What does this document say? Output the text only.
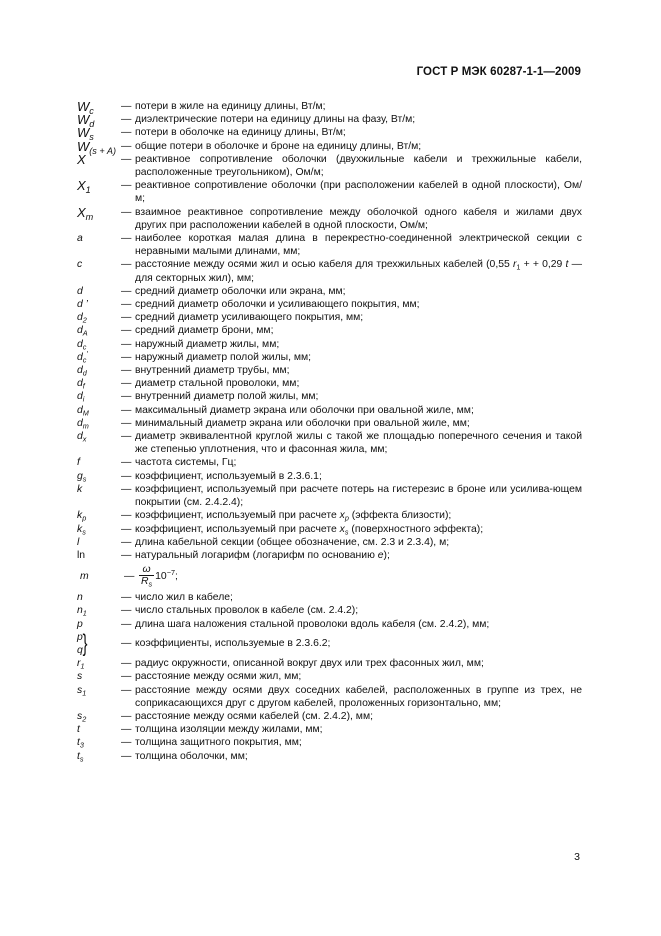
ГОСТ Р МЭК 60287-1-1—2009
$W_c$	— потери в жиле на единицу длины, Вт/м;
$W_d$	— диэлектрические потери на единицу длины на фазу, Вт/м;
$W_s$	— потери в оболочке на единицу длины, Вт/м;
$W_{(s + A)}$ — общие потери в оболочке и броне на единицу длины, Вт/м;
X	— реактивное сопротивление оболочки (двухжильные кабели и трехжильные кабели, расположенные треугольником), Ом/м;
$X_1$	— реактивное сопротивление оболочки (при расположении кабелей в одной плоскости), Ом/м;
$X_m$	— взаимное реактивное сопротивление между оболочкой одного кабеля и жилами двух других при расположении кабелей в одной плоскости, Ом/м;
a	— наиболее короткая малая длина в перекрестно-соединенной электрической секции с неравными малыми длинами, мм;
c	— расстояние между осями жил и осью кабеля для трехжильных кабелей (0,55 $r_1$ + + 0,29 t — для секторных жил), мм;
d	— средний диаметр оболочки или экрана, мм;
d ’	— средний диаметр оболочки и усиливающего покрытия, мм;
$d_2$	— средний диаметр усиливающего покрытия, мм;
$d_A$	— средний диаметр брони, мм;
$d_c$	— наружный диаметр жилы, мм;
$d_c'$	— наружный диаметр полой жилы, мм;
$d_d$	— внутренний диаметр трубы, мм;
$d_f$	— диаметр стальной проволоки, мм;
$d_i$	— внутренний диаметр полой жилы, мм;
$d_M$	— максимальный диаметр экрана или оболочки при овальной жиле, мм;
$d_m$	— минимальный диаметр экрана или оболочки при овальной жиле, мм;
$d_x$	— диаметр эквивалентной круглой жилы с такой же площадью поперечного сечения и такой же степенью уплотнения, что и фасонная жила, мм;
f	— частота системы, Гц;
$g_s$	— коэффициент, используемый в 2.3.6.1;
k	— коэффициент, используемый при расчете потерь на гистерезис в броне или усилива-ющем покрытии (см. 2.4.2.4);
$k_p$	— коэффициент, используемый при расчете $x_p$ (эффекта близости);
$k_s$	— коэффициент, используемый при расчете $x_s$ (поверхностного эффекта);
l	— длина кабельной секции (общее обозначение, см. 2.3 и 2.3.4), м;
ln	— натуральный логарифм (логарифм по основанию e);
m	— $\frac{\omega}{R_s} 10^{-7}$;
n	— число жил в кабеле;
$n_1$	— число стальных проволок в кабеле (см. 2.4.2);
p	— длина шага наложения стальной проволоки вдоль кабеля (см. 2.4.2), мм;
p
q }	— коэффициенты, используемые в 2.3.6.2;
$r_1$	— радиус окружности, описанной вокруг двух или трех фасонных жил, мм;
s	— расстояние между осями жил, мм;
$s_1$	— расстояние между осями двух соседних кабелей, расположенных в группе из трех, не соприкасающихся друг с другом кабелей, проложенных горизонтально, мм;
$s_2$	— расстояние между осями кабелей (см. 2.4.2), мм;
t	— толщина изоляции между жилами, мм;
$t_3$	— толщина защитного покрытия, мм;
$t_s$	— толщина оболочки, мм;
3
